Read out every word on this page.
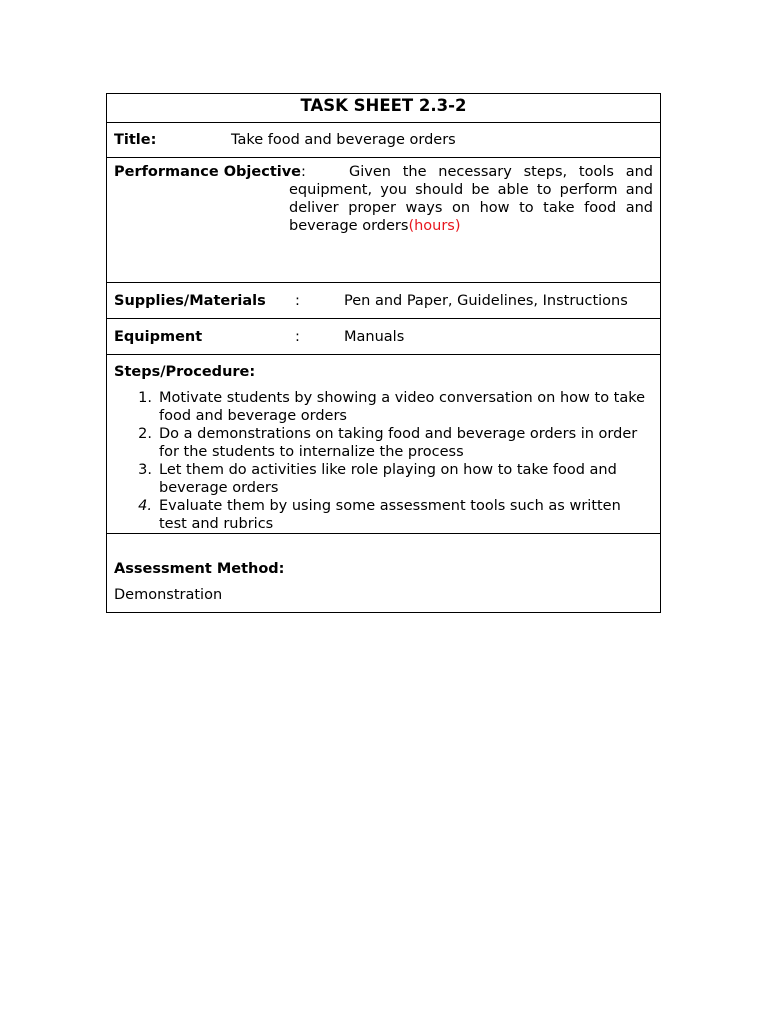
TASK SHEET 2.3-2
Title:	Take food and beverage orders
Performance Objective:	Given the necessary steps, tools and equipment, you should be able to perform and deliver proper ways on how to take food and beverage orders(hours)
Supplies/Materials	:	Pen and Paper, Guidelines, Instructions
Equipment	:	Manuals
Steps/Procedure:
1. Motivate students by showing a video conversation on how to take food and beverage orders
2. Do a demonstrations on taking food and beverage orders in order for the students to internalize the process
3. Let them do activities like role playing on how to take food and beverage orders
4. Evaluate them by using some assessment tools such as written test and rubrics
Assessment Method:
Demonstration
